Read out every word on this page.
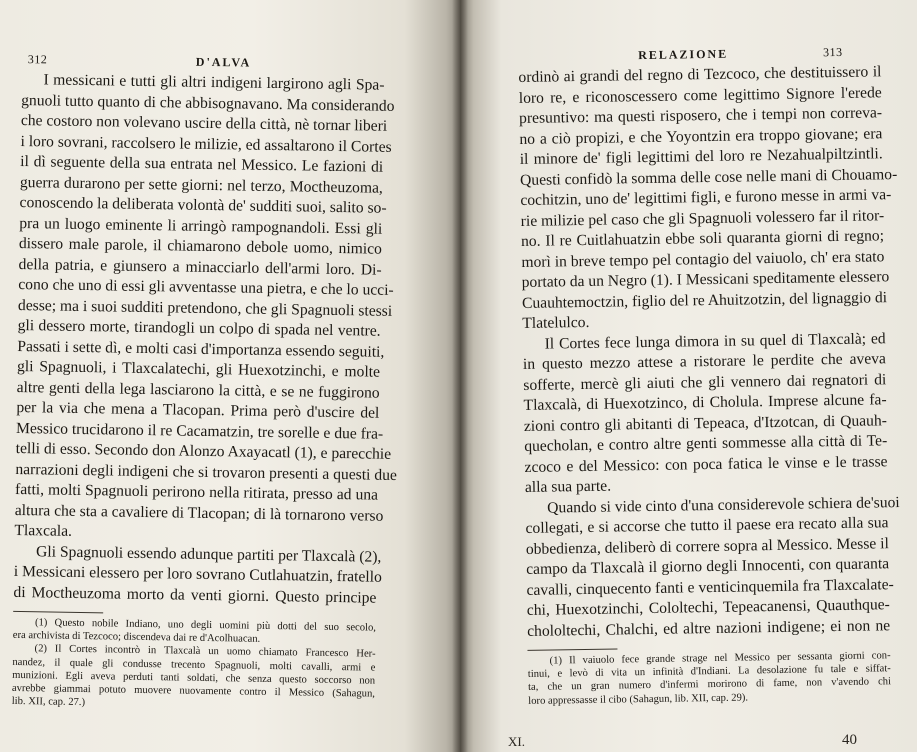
312	D'ALVA
I messicani e tutti gli altri indigeni largirono agli Spa-
gnuoli tutto quanto di che abbisognavano. Ma considerando
che costoro non volevano uscire della città, nè tornar liberi
i loro sovrani, raccolsero le milizie, ed assaltarono il Cortes
il dì seguente della sua entrata nel Messico. Le fazioni di
guerra durarono per sette giorni: nel terzo, Moctheuzoma,
conoscendo la deliberata volontà de' sudditi suoi, salito so-
pra un luogo eminente li arringò rampognandoli. Essi gli
dissero male parole, il chiamarono debole uomo, nimico
della patria, e giunsero a minacciarlo dell'armi loro. Di-
cono che uno di essi gli avventasse una pietra, e che lo ucci-
desse; ma i suoi sudditi pretendono, che gli Spagnuoli stessi
gli dessero morte, tirandogli un colpo di spada nel ventre.
Passati i sette dì, e molti casi d'importanza essendo seguiti,
gli Spagnuoli, i Tlaxcalatechi, gli Huexotzinchi, e molte
altre genti della lega lasciarono la città, e se ne fuggirono
per la via che mena a Tlacopan. Prima però d'uscire del
Messico trucidarono il re Cacamatzin, tre sorelle e due fra-
telli di esso. Secondo don Alonzo Axayacatl (1), e parecchie
narrazioni degli indigeni che si trovaron presenti a questi due
fatti, molti Spagnuoli perirono nella ritirata, presso ad una
altura che sta a cavaliere di Tlacopan; di là tornarono verso
Tlaxcala.
Gli Spagnuoli essendo adunque partiti per Tlaxcalà (2),
i Messicani elessero per loro sovrano Cutlahuatzin, fratello
di Moctheuzoma morto da venti giorni. Questo principe
(1) Questo nobile Indiano, uno degli uomini più dotti del suo secolo,
era archivista di Tezcoco; discendeva dai re d'Acolhuacan.
(2) Il Cortes incontrò in Tlaxcalà un uomo chiamato Francesco Her-
nandez, il quale gli condusse trecento Spagnuoli, molti cavalli, armi e
munizioni. Egli aveva perduti tanti soldati, che senza questo soccorso non
avrebbe giammai potuto muovere nuovamente contro il Messico (Sahagun,
lib. XII, cap. 27.)
RELAZIONE	313
ordinò ai grandi del regno di Tezcoco, che destituissero il
loro re, e riconoscessero come legittimo Signore l'erede
presuntivo: ma questi risposero, che i tempi non correva-
no a ciò propizi, e che Yoyontzin era troppo giovane; era
il minore de' figli legittimi del loro re Nezahualpiltzintli.
Questi confidò la somma delle cose nelle mani di Chouamo-
cochitzin, uno de' legittimi figli, e furono messe in armi va-
rie milizie pel caso che gli Spagnuoli volessero far il ritor-
no. Il re Cuitlahuatzin ebbe soli quaranta giorni di regno;
morì in breve tempo pel contagio del vaiuolo, ch' era stato
portato da un Negro (1). I Messicani speditamente elessero
Cuauhtemoctzin, figlio del re Ahuitzotzin, del lignaggio di
Tlatelulco.
Il Cortes fece lunga dimora in su quel di Tlaxcalà; ed
in questo mezzo attese a ristorare le perdite che aveva
sofferte, mercè gli aiuti che gli vennero dai regnatori di
Tlaxcalà, di Huexotzinco, di Cholula. Imprese alcune fa-
zioni contro gli abitanti di Tepeaca, d'Itzotcan, di Quauh-
quecholan, e contro altre genti sommesse alla città di Te-
zcoco e del Messico: con poca fatica le vinse e le trasse
alla sua parte.
Quando si vide cinto d'una considerevole schiera de'suoi
collegati, e si accorse che tutto il paese era recato alla sua
obbedienza, deliberò di correre sopra al Messico. Messe il
campo da Tlaxcalà il giorno degli Innocenti, con quaranta
cavalli, cinquecento fanti e venticinquemila fra Tlaxcalate-
chi, Huexotzinchi, Cololtechi, Tepeacanensi, Quauthque-
chololtechi, Chalchi, ed altre nazioni indigene; ei non ne
(1) Il vaiuolo fece grande strage nel Messico per sessanta giorni con-
tinui, e levò di vita un infinità d'Indiani. La desolazione fu tale e siffat-
ta, che un gran numero d'infermi morirono di fame, non v'avendo chi
loro appressasse il cibo (Sahagun, lib. XII, cap. 29).
XI.	40
